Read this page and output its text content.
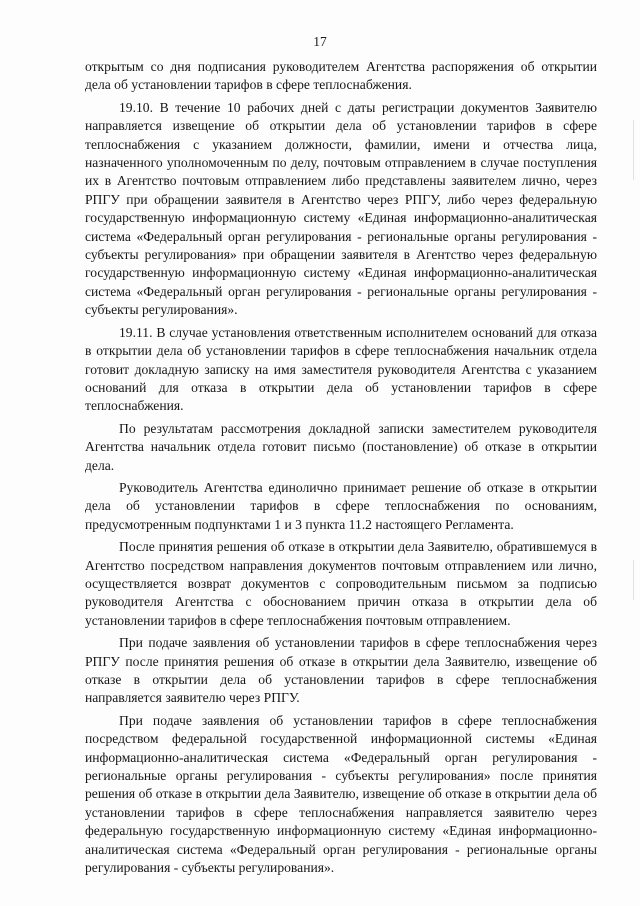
17

открытым со дня подписания руководителем Агентства распоряжения об открытии дела об установлении тарифов в сфере теплоснабжения.

19.10. В течение 10 рабочих дней с даты регистрации документов Заявителю направляется извещение об открытии дела об установлении тарифов в сфере теплоснабжения с указанием должности, фамилии, имени и отчества лица, назначенного уполномоченным по делу, почтовым отправлением в случае поступления их в Агентство почтовым отправлением либо представлены заявителем лично, через РПГУ при обращении заявителя в Агентство через РПГУ, либо через федеральную государственную информационную систему «Единая информационно-аналитическая система «Федеральный орган регулирования - региональные органы регулирования - субъекты регулирования» при обращении заявителя в Агентство через федеральную государственную информационную систему «Единая информационно-аналитическая система «Федеральный орган регулирования - региональные органы регулирования - субъекты регулирования».

19.11. В случае установления ответственным исполнителем оснований для отказа в открытии дела об установлении тарифов в сфере теплоснабжения начальник отдела готовит докладную записку на имя заместителя руководителя Агентства с указанием оснований для отказа в открытии дела об установлении тарифов в сфере теплоснабжения.

По результатам рассмотрения докладной записки заместителем руководителя Агентства начальник отдела готовит письмо (постановление) об отказе в открытии дела.

Руководитель Агентства единолично принимает решение об отказе в открытии дела об установлении тарифов в сфере теплоснабжения по основаниям, предусмотренным подпунктами 1 и 3 пункта 11.2 настоящего Регламента.

После принятия решения об отказе в открытии дела Заявителю, обратившемуся в Агентство посредством направления документов почтовым отправлением или лично, осуществляется возврат документов с сопроводительным письмом за подписью руководителя Агентства с обоснованием причин отказа в открытии дела об установлении тарифов в сфере теплоснабжения почтовым отправлением.

При подаче заявления об установлении тарифов в сфере теплоснабжения через РПГУ после принятия решения об отказе в открытии дела Заявителю, извещение об отказе в открытии дела об установлении тарифов в сфере теплоснабжения направляется заявителю через РПГУ.

При подаче заявления об установлении тарифов в сфере теплоснабжения посредством федеральной государственной информационной системы «Единая информационно-аналитическая система «Федеральный орган регулирования - региональные органы регулирования - субъекты регулирования» после принятия решения об отказе в открытии дела Заявителю, извещение об отказе в открытии дела об установлении тарифов в сфере теплоснабжения направляется заявителю через федеральную государственную информационную систему «Единая информационно-аналитическая система «Федеральный орган регулирования - региональные органы регулирования - субъекты регулирования».
